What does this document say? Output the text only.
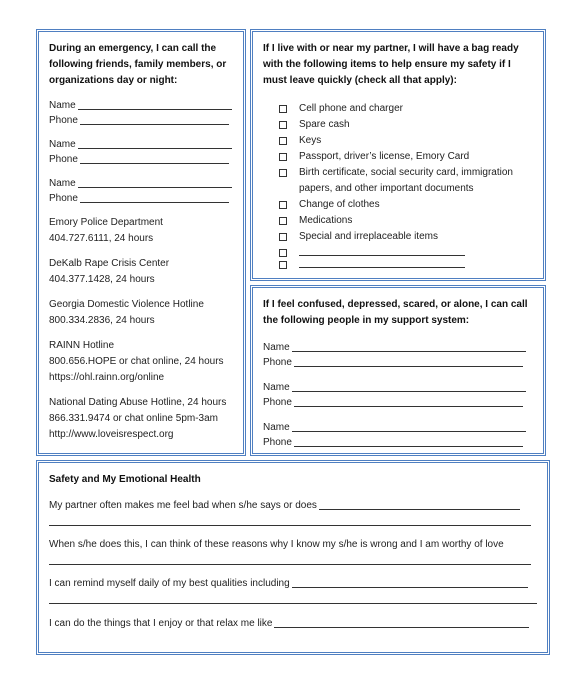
During an emergency, I can call the following friends, family members, or organizations day or night:

Name
Phone
Name
Phone
Name
Phone
Emory Police Department
404.727.6111, 24 hours
DeKalb Rape Crisis Center
404.377.1428, 24 hours
Georgia Domestic Violence Hotline
800.334.2836, 24 hours
RAINN Hotline
800.656.HOPE or chat online, 24 hours
https://ohl.rainn.org/online
National Dating Abuse Hotline, 24 hours
866.331.9474 or chat online 5pm-3am
http://www.loveisrespect.org

If I live with or near my partner, I will have a bag ready with the following items to help ensure my safety if I must leave quickly (check all that apply):

Cell phone and charger
Spare cash
Keys
Passport, driver’s license, Emory Card
Birth certificate, social security card, immigration papers, and other important documents
Change of clothes
Medications
Special and irreplaceable items

If I feel confused, depressed, scared, or alone, I can call the following people in my support system:

Name
Phone
Name
Phone
Name
Phone

Safety and My Emotional Health

My partner often makes me feel bad when s/he says or does
When s/he does this, I can think of these reasons why I know my s/he is wrong and I am worthy of love
I can remind myself daily of my best qualities including
I can do the things that I enjoy or that relax me like
